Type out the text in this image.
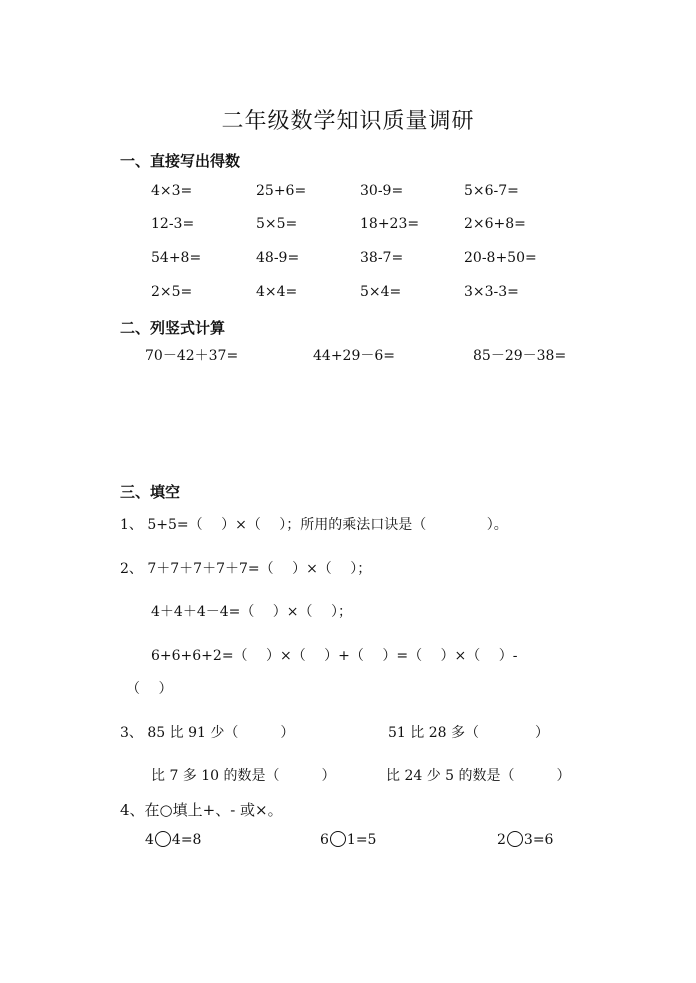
二年级数学知识质量调研
一、直接写出得数
4×3=	25+6=	30-9=	5×6-7=
12-3=	5×5=	18+23=	2×6+8=
54+8=	48-9=	38-7=	20-8+50=
2×5=	4×4=	5×4=	3×3-3=
二、列竖式计算
70－42＋37=	44+29－6=	85－29－38=
三、填空
1、 5+5=（　 ）×（　 ）；所用的乘法口诀是（　　　　 ）。
2、 7＋7＋7＋7＋7=（　 ）×（　 ）；
4＋4＋4－4=（　 ）×（　 ）；
6+6+6+2=（　 ）×（　 ）+（　 ）=（　 ）×（　 ）-
（　 ）
3、 85 比 91 少（　　　）	51 比 28 多（　　　　）
比 7 多 10 的数是（　　　）	比 24 少 5 的数是（　　　）
4、在○填上+、- 或×。
4 4=8	6 1=5	2 3=6
